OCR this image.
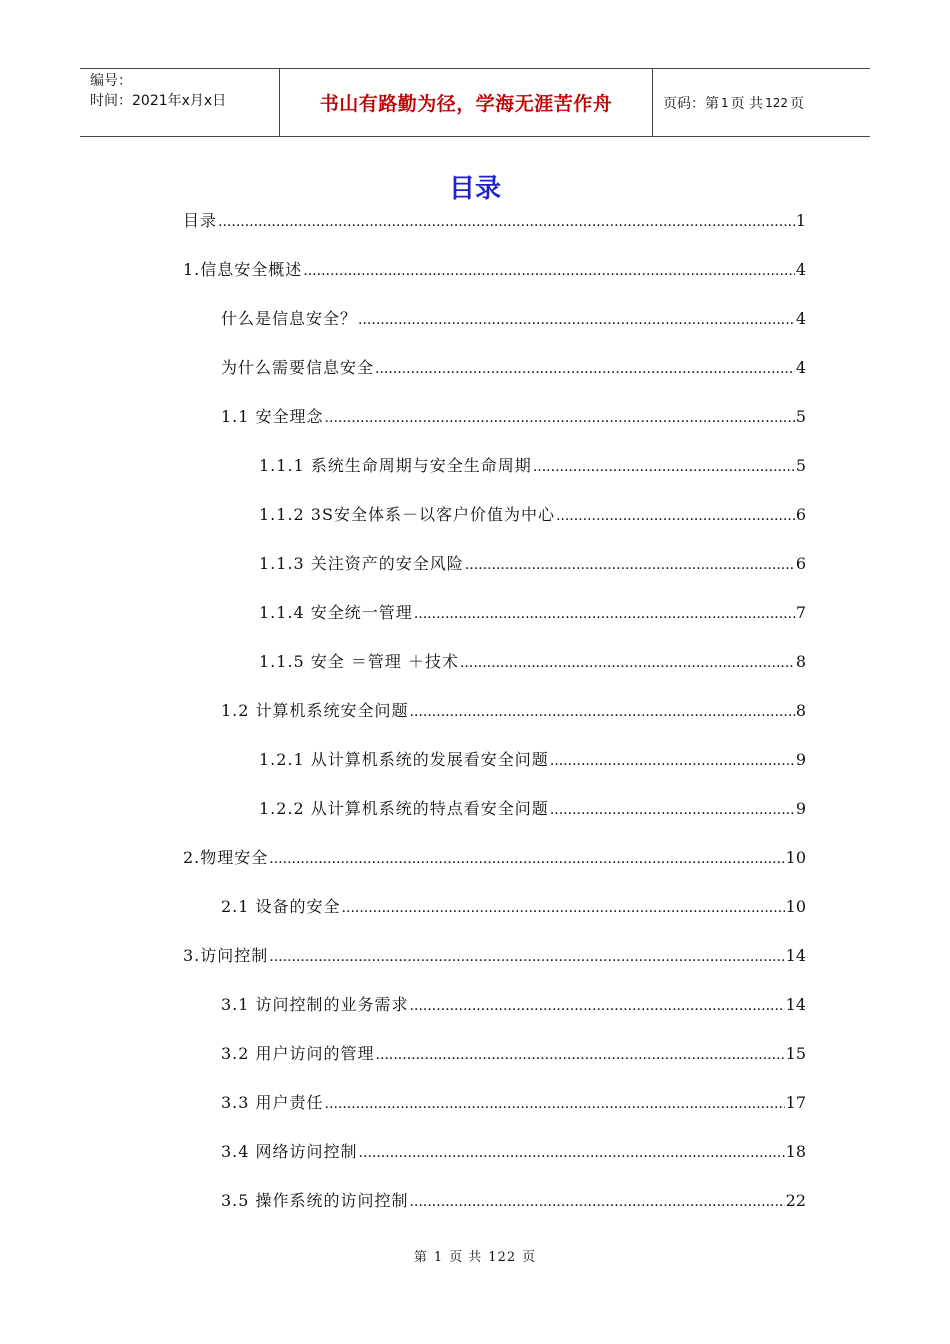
编号：
时间：2021年x月x日	书山有路勤为径，学海无涯苦作舟	页码：第 1 页 共 122 页
目录
目录 .....	1
1.信息安全概述 .....	4
什么是信息安全？ .....	4
为什么需要信息安全 .....	4
1.1 安全理念 .....	5
1.1.1 系统生命周期与安全生命周期 .....	5
1.1.2 3S安全体系－以客户价值为中心 .....	6
1.1.3 关注资产的安全风险 .....	6
1.1.4 安全统一管理 .....	7
1.1.5 安全 ＝管理 ＋技术 .....	8
1.2 计算机系统安全问题 .....	8
1.2.1 从计算机系统的发展看安全问题 .....	9
1.2.2 从计算机系统的特点看安全问题 .....	9
2.物理安全 .....	10
2.1 设备的安全 .....	10
3.访问控制 .....	14
3.1 访问控制的业务需求 .....	14
3.2 用户访问的管理 .....	15
3.3 用户责任 .....	17
3.4 网络访问控制 .....	18
3.5 操作系统的访问控制 .....	22
第 1 页 共 122 页
